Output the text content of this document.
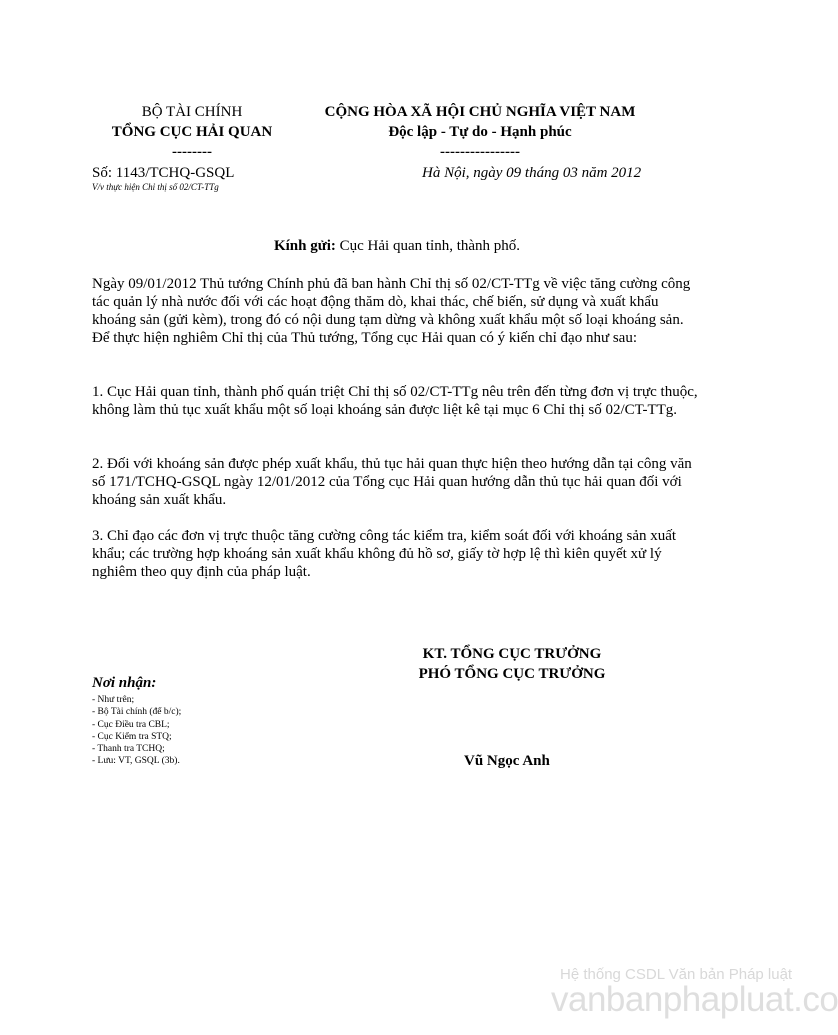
BỘ TÀI CHÍNH
TỔNG CỤC HẢI QUAN
--------
CỘNG HÒA XÃ HỘI CHỦ NGHĨA VIỆT NAM
Độc lập - Tự do - Hạnh phúc
----------------
Số: 1143/TCHQ-GSQL
V/v thực hiện Chỉ thị số 02/CT-TTg
Hà Nội, ngày 09 tháng 03 năm 2012
Kính gửi: Cục Hải quan tỉnh, thành phố.

Ngày 09/01/2012 Thủ tướng Chính phủ đã ban hành Chỉ thị số 02/CT-TTg về việc tăng cường công tác quản lý nhà nước đối với các hoạt động thăm dò, khai thác, chế biến, sử dụng và xuất khẩu khoáng sản (gửi kèm), trong đó có nội dung tạm dừng và không xuất khẩu một số loại khoáng sản. Để thực hiện nghiêm Chỉ thị của Thủ tướng, Tổng cục Hải quan có ý kiến chỉ đạo như sau:

1. Cục Hải quan tỉnh, thành phố quán triệt Chỉ thị số 02/CT-TTg nêu trên đến từng đơn vị trực thuộc, không làm thủ tục xuất khẩu một số loại khoáng sản được liệt kê tại mục 6 Chỉ thị số 02/CT-TTg.

2. Đối với khoáng sản được phép xuất khẩu, thủ tục hải quan thực hiện theo hướng dẫn tại công văn số 171/TCHQ-GSQL ngày 12/01/2012 của Tổng cục Hải quan hướng dẫn thủ tục hải quan đối với khoáng sản xuất khẩu.

3. Chỉ đạo các đơn vị trực thuộc tăng cường công tác kiểm tra, kiểm soát đối với khoáng sản xuất khẩu; các trường hợp khoáng sản xuất khẩu không đủ hồ sơ, giấy tờ hợp lệ thì kiên quyết xử lý nghiêm theo quy định của pháp luật.

KT. TỔNG CỤC TRƯỞNG
PHÓ TỔNG CỤC TRƯỞNG
Nơi nhận:
- Như trên;
- Bộ Tài chính (để b/c);
- Cục Điều tra CBL;
- Cục Kiểm tra STQ;
- Thanh tra TCHQ;
- Lưu: VT, GSQL (3b).	Vũ Ngọc Anh
Hệ thống CSDL Văn bản Pháp luật
vanbanphapluat.co
